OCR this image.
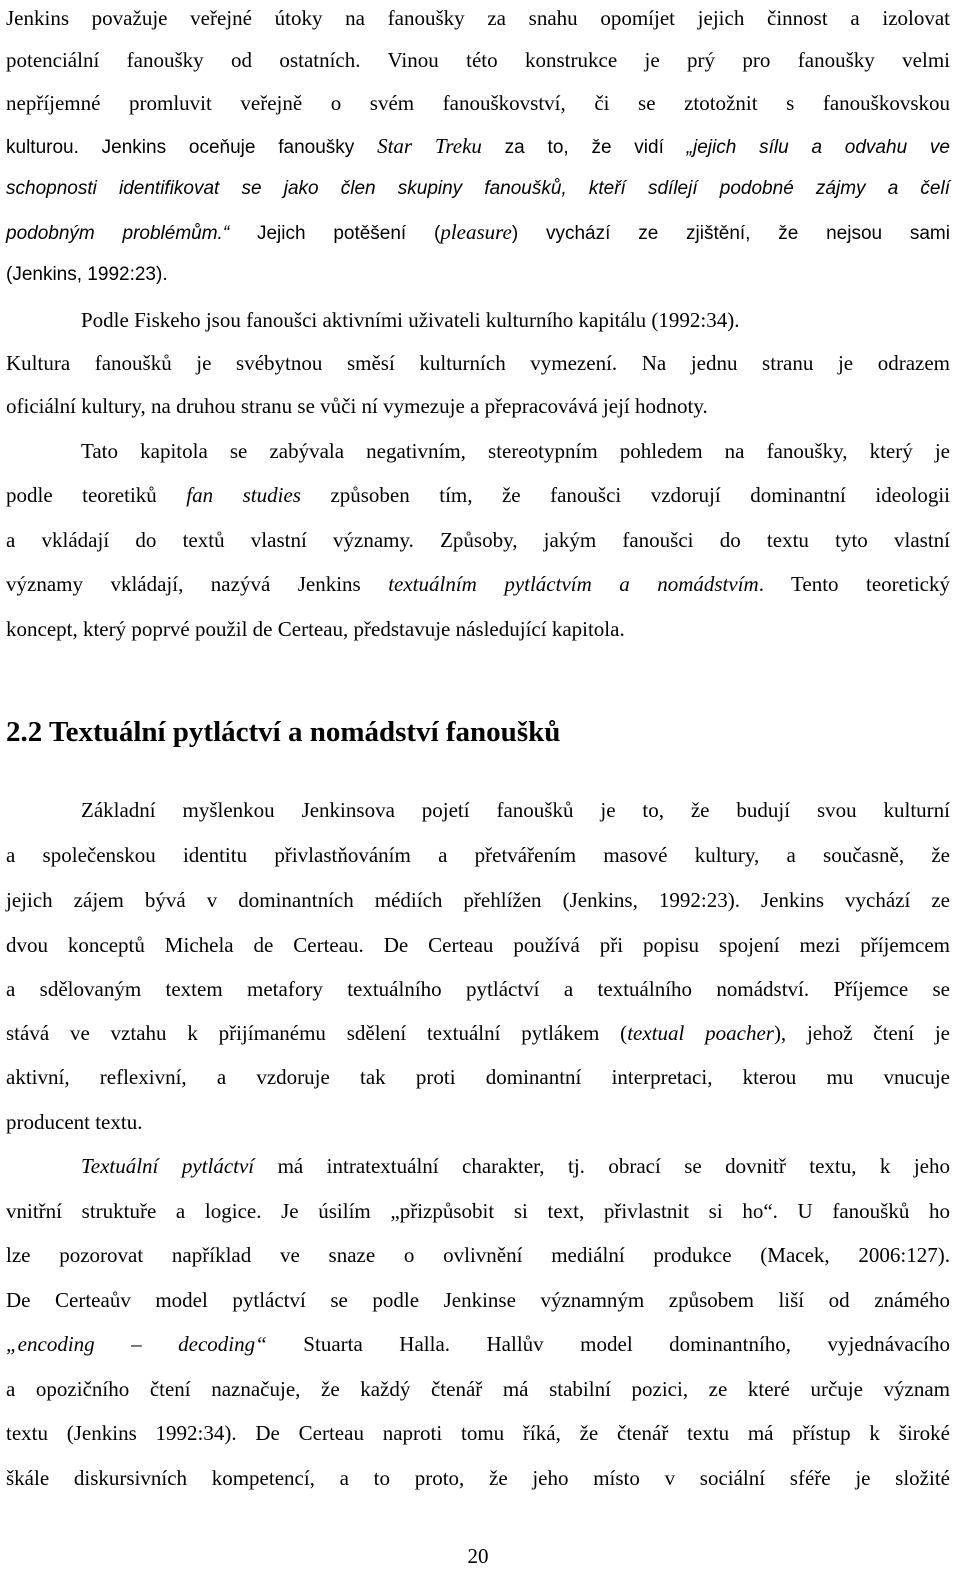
Jenkins považuje veřejné útoky na fanoušky za snahu opomíjet jejich činnost a izolovat
potenciální fanoušky od ostatních. Vinou této konstrukce je prý pro fanoušky velmi
nepříjemné promluvit veřejně o svém fanouškovství, či se ztotožnit s fanouškovskou
kulturou. Jenkins oceňuje fanoušky Star Treku za to, že vidí „jejich sílu a odvahu ve
schopnosti identifikovat se jako člen skupiny fanoušků, kteří sdílejí podobné zájmy a čelí
podobným problémům.“ Jejich potěšení (pleasure) vychází ze zjištění, že nejsou sami
(Jenkins, 1992:23).
Podle Fiskeho jsou fanoušci aktivními uživateli kulturního kapitálu (1992:34).
Kultura fanoušků je svébytnou směsí kulturních vymezení. Na jednu stranu je odrazem
oficiální kultury, na druhou stranu se vůči ní vymezuje a přepracovává její hodnoty.
Tato kapitola se zabývala negativním, stereotypním pohledem na fanoušky, který je
podle teoretiků fan studies způsoben tím, že fanoušci vzdorují dominantní ideologii
a vkládají do textů vlastní významy. Způsoby, jakým fanoušci do textu tyto vlastní
významy vkládají, nazývá Jenkins textuálním pytláctvím a nomádstvím. Tento teoretický
koncept, který poprvé použil de Certeau, představuje následující kapitola.
2.2 Textuální pytláctví a nomádství fanoušků
Základní myšlenkou Jenkinsova pojetí fanoušků je to, že budují svou kulturní
a společenskou identitu přivlastňováním a přetvářením masové kultury, a současně, že
jejich zájem bývá v dominantních médiích přehlížen (Jenkins, 1992:23). Jenkins vychází ze
dvou konceptů Michela de Certeau. De Certeau používá při popisu spojení mezi příjemcem
a sdělovaným textem metafory textuálního pytláctví a textuálního nomádství. Příjemce se
stává ve vztahu k přijímanému sdělení textuální pytlákem (textual poacher), jehož čtení je
aktivní, reflexivní, a vzdoruje tak proti dominantní interpretaci, kterou mu vnucuje
producent textu.
Textuální pytláctví má intratextuální charakter, tj. obrací se dovnitř textu, k jeho
vnitřní struktuře a logice. Je úsilím „přizpůsobit si text, přivlastnit si ho“. U fanoušků ho
lze pozorovat například ve snaze o ovlivnění mediální produkce (Macek, 2006:127).
De Certeaův model pytláctví se podle Jenkinse významným způsobem liší od známého
„encoding – decoding“ Stuarta Halla. Hallův model dominantního, vyjednávacího
a opozičního čtení naznačuje, že každý čtenář má stabilní pozici, ze které určuje význam
textu (Jenkins 1992:34). De Certeau naproti tomu říká, že čtenář textu má přístup k široké
škále diskursivních kompetencí, a to proto, že jeho místo v sociální sféře je složité
20
